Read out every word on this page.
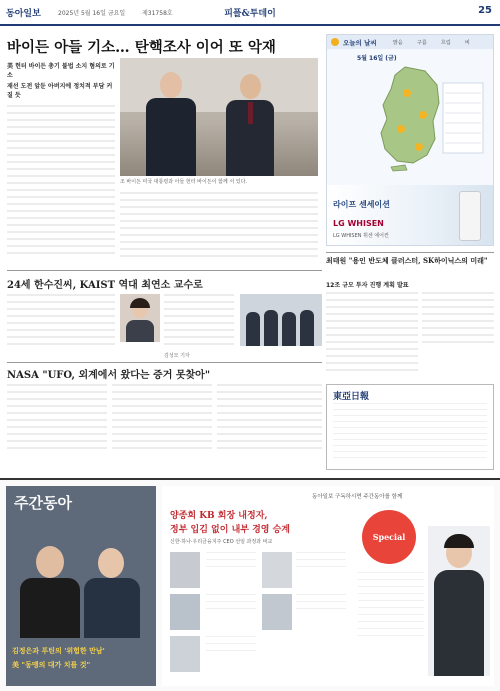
동아일보	2025년 5월 16일 금요일	제31758호	피플&투데이	25
바이든 아들 기소… 탄핵조사 이어 또 악재
美 헌터 바이든 총기 불법 소지 혐의로 기소
재선 도전 앞둔 아버지에 정치적 부담 커질 듯
조 바이든 미국 대통령과 아들 헌터 바이든이 함께 서 있다.
오늘의 날씨	맑음	구름	흐림	비
5월 16일 (금)
라이프 센세이션
LG WHISEN
LG WHISEN 휘센 에어컨
24세 한수진씨, KAIST 역대 최연소 교수로
김성모 기자
최태원 "용인 반도체 클러스터, SK하이닉스의 미래"
12조 규모 투자 진행 계획 발표
NASA "UFO, 외계에서 왔다는 증거 못찾아"
東亞日報
주간동아
김정은과 푸틴의 '위험한 만남'
美 "동맹의 대가 치를 것"
동아일보 구독하시면 주간동아를 함께
양종희 KB 회장 내정자,
정부 입김 없이 내부 경영 승계
신한·하나·우리금융지주 CEO 선임 과정과 비교	Special
